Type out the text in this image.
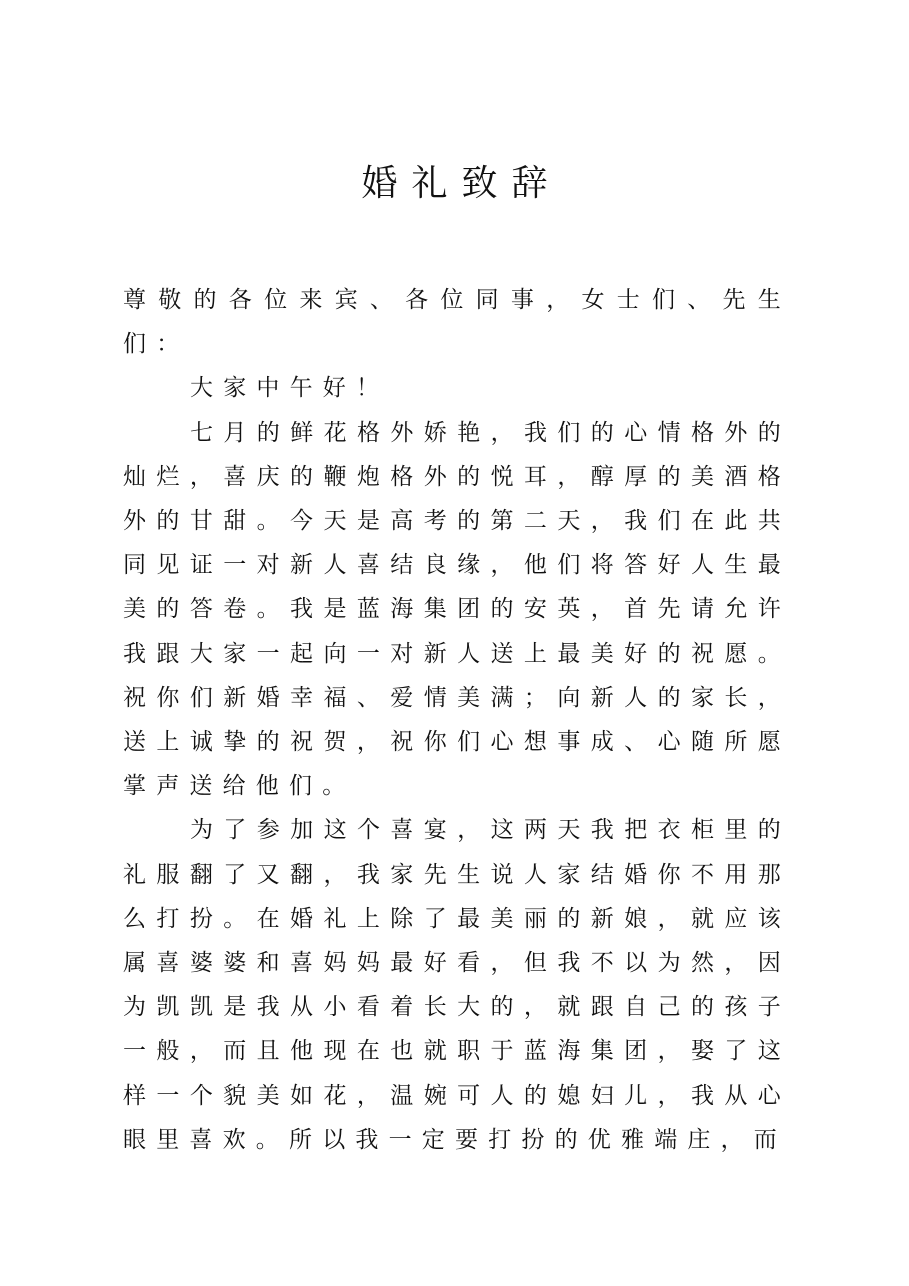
婚礼致辞

尊敬的各位来宾、各位同事，女士们、先生们：

大家中午好！

七月的鲜花格外娇艳，我们的心情格外的灿烂，喜庆的鞭炮格外的悦耳，醇厚的美酒格外的甘甜。今天是高考的第二天，我们在此共同见证一对新人喜结良缘，他们将答好人生最美的答卷。我是蓝海集团的安英，首先请允许我跟大家一起向一对新人送上最美好的祝愿。祝你们新婚幸福、爱情美满；向新人的家长，送上诚挚的祝贺，祝你们心想事成、心随所愿掌声送给他们。

为了参加这个喜宴，这两天我把衣柜里的礼服翻了又翻，我家先生说人家结婚你不用那么打扮。在婚礼上除了最美丽的新娘，就应该属喜婆婆和喜妈妈最好看，但我不以为然，因为凯凯是我从小看着长大的，就跟自己的孩子一般，而且他现在也就职于蓝海集团，娶了这样一个貌美如花，温婉可人的媳妇儿，我从心眼里喜欢。所以我一定要打扮的优雅端庄，而
